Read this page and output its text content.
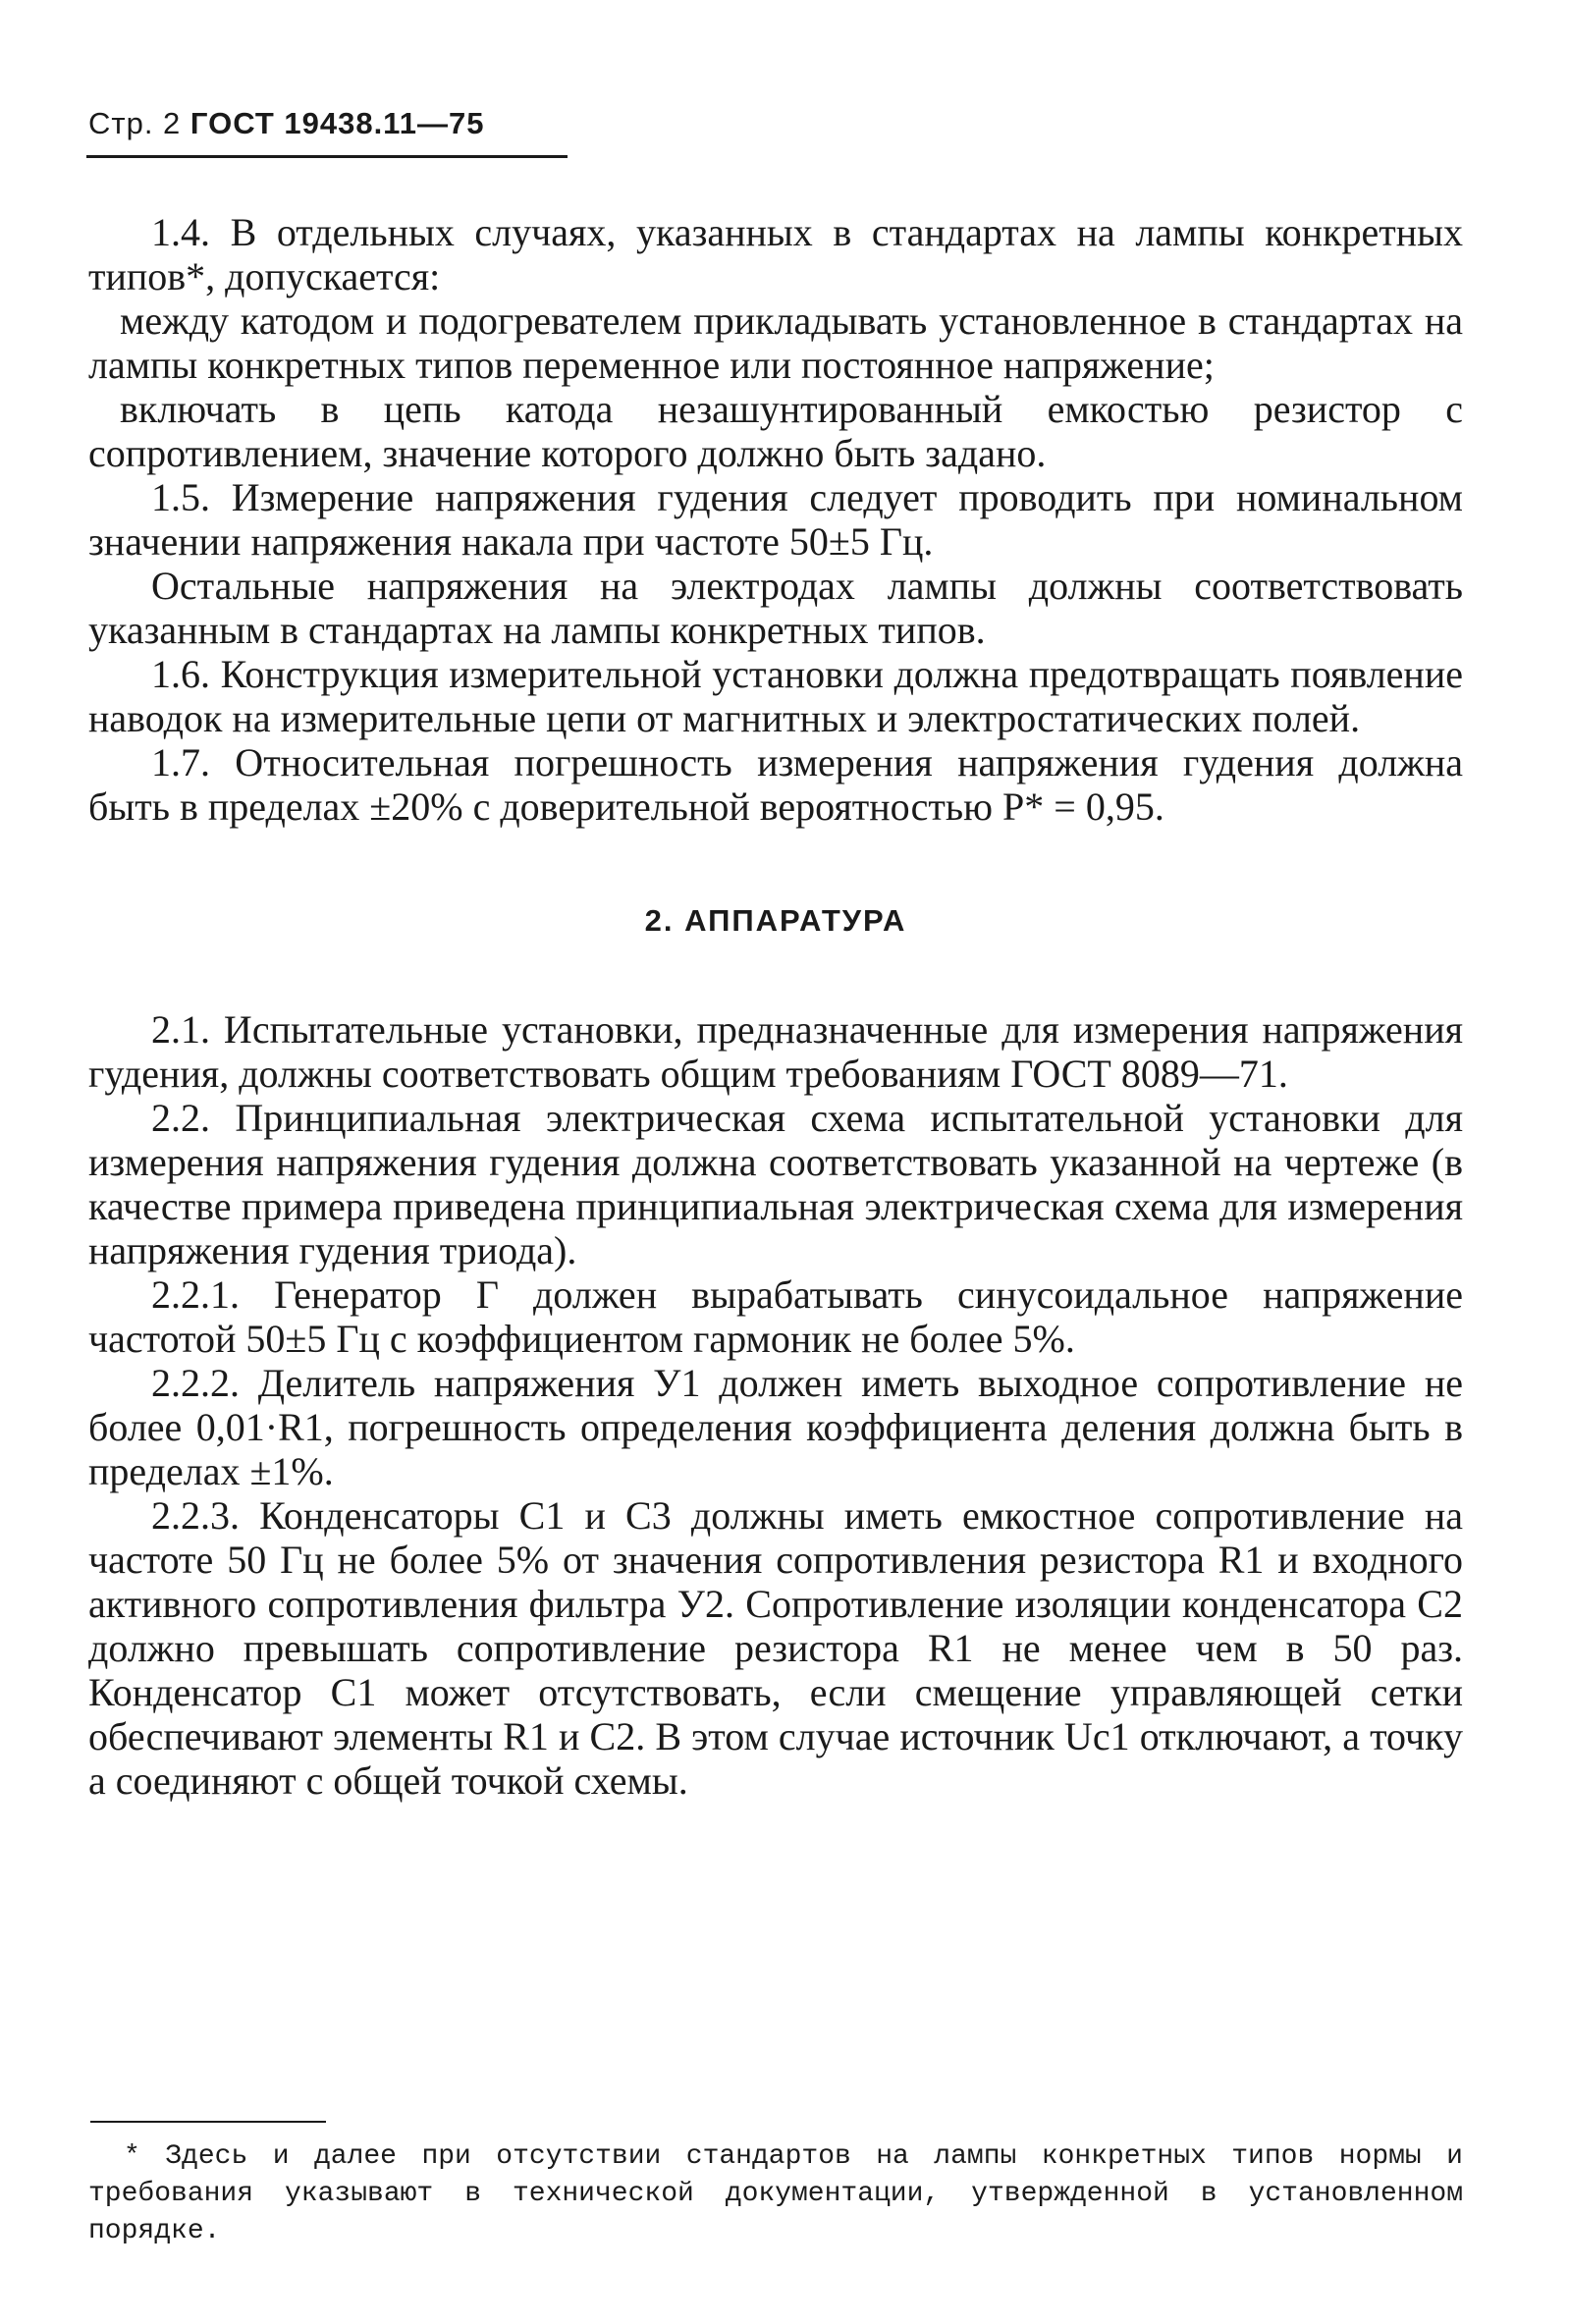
Стр. 2 ГОСТ 19438.11—75

1.4. В отдельных случаях, указанных в стандартах на лампы конкретных типов*, допускается:

между катодом и подогревателем прикладывать установленное в стандартах на лампы конкретных типов переменное или постоянное напряжение;

включать в цепь катода незашунтированный емкостью резистор с сопротивлением, значение которого должно быть задано.

1.5. Измерение напряжения гудения следует проводить при номинальном значении напряжения накала при частоте 50±5 Гц.

Остальные напряжения на электродах лампы должны соответствовать указанным в стандартах на лампы конкретных типов.

1.6. Конструкция измерительной установки должна предотвращать появление наводок на измерительные цепи от магнитных и электростатических полей.

1.7. Относительная погрешность измерения напряжения гудения должна быть в пределах ±20% с доверительной вероятностью P* = 0,95.

2. АППАРАТУРА

2.1. Испытательные установки, предназначенные для измерения напряжения гудения, должны соответствовать общим требованиям ГОСТ 8089—71.

2.2. Принципиальная электрическая схема испытательной установки для измерения напряжения гудения должна соответствовать указанной на чертеже (в качестве примера приведена принципиальная электрическая схема для измерения напряжения гудения триода).

2.2.1. Генератор Г должен вырабатывать синусоидальное напряжение частотой 50±5 Гц с коэффициентом гармоник не более 5%.

2.2.2. Делитель напряжения У1 должен иметь выходное сопротивление не более 0,01·R1, погрешность определения коэффициента деления должна быть в пределах ±1%.

2.2.3. Конденсаторы С1 и С3 должны иметь емкостное сопротивление на частоте 50 Гц не более 5% от значения сопротивления резистора R1 и входного активного сопротивления фильтра У2. Сопротивление изоляции конденсатора С2 должно превышать сопротивление резистора R1 не менее чем в 50 раз. Конденсатор С1 может отсутствовать, если смещение управляющей сетки обеспечивают элементы R1 и С2. В этом случае источник Uc1 отключают, а точку a соединяют с общей точкой схемы.

* Здесь и далее при отсутствии стандартов на лампы конкретных типов нормы и требования указывают в технической документации, утвержденной в установленном порядке.
